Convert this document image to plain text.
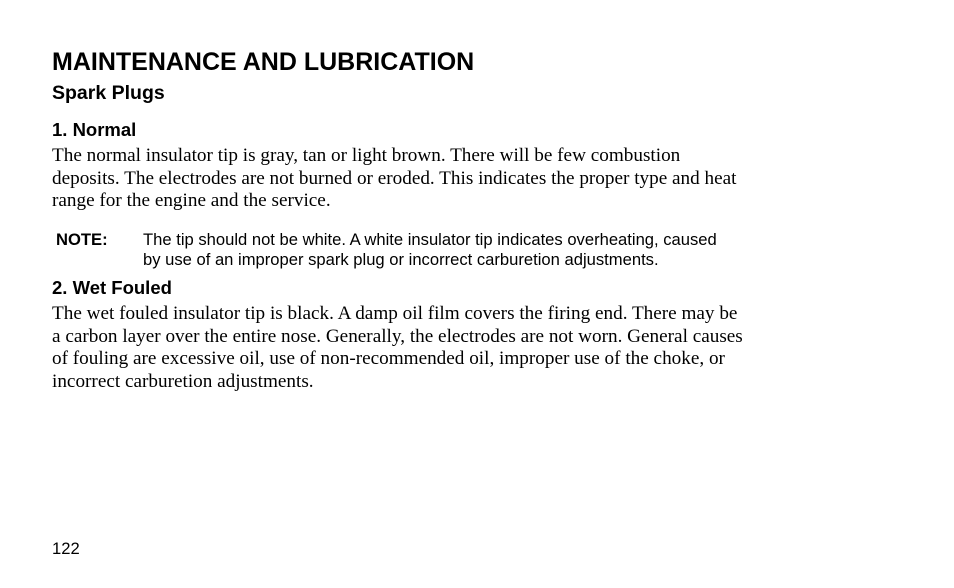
MAINTENANCE AND LUBRICATION
Spark Plugs
1. Normal

The normal insulator tip is gray, tan or light brown. There will be few combustion
deposits. The electrodes are not burned or eroded. This indicates the proper type and heat
range for the engine and the service.

NOTE: The tip should not be white. A white insulator tip indicates overheating, caused
by use of an improper spark plug or incorrect carburetion adjustments.
2. Wet Fouled

The wet fouled insulator tip is black. A damp oil film covers the firing end. There may be
a carbon layer over the entire nose. Generally, the electrodes are not worn. General causes
of fouling are excessive oil, use of non-recommended oil, improper use of the choke, or
incorrect carburetion adjustments.

122
